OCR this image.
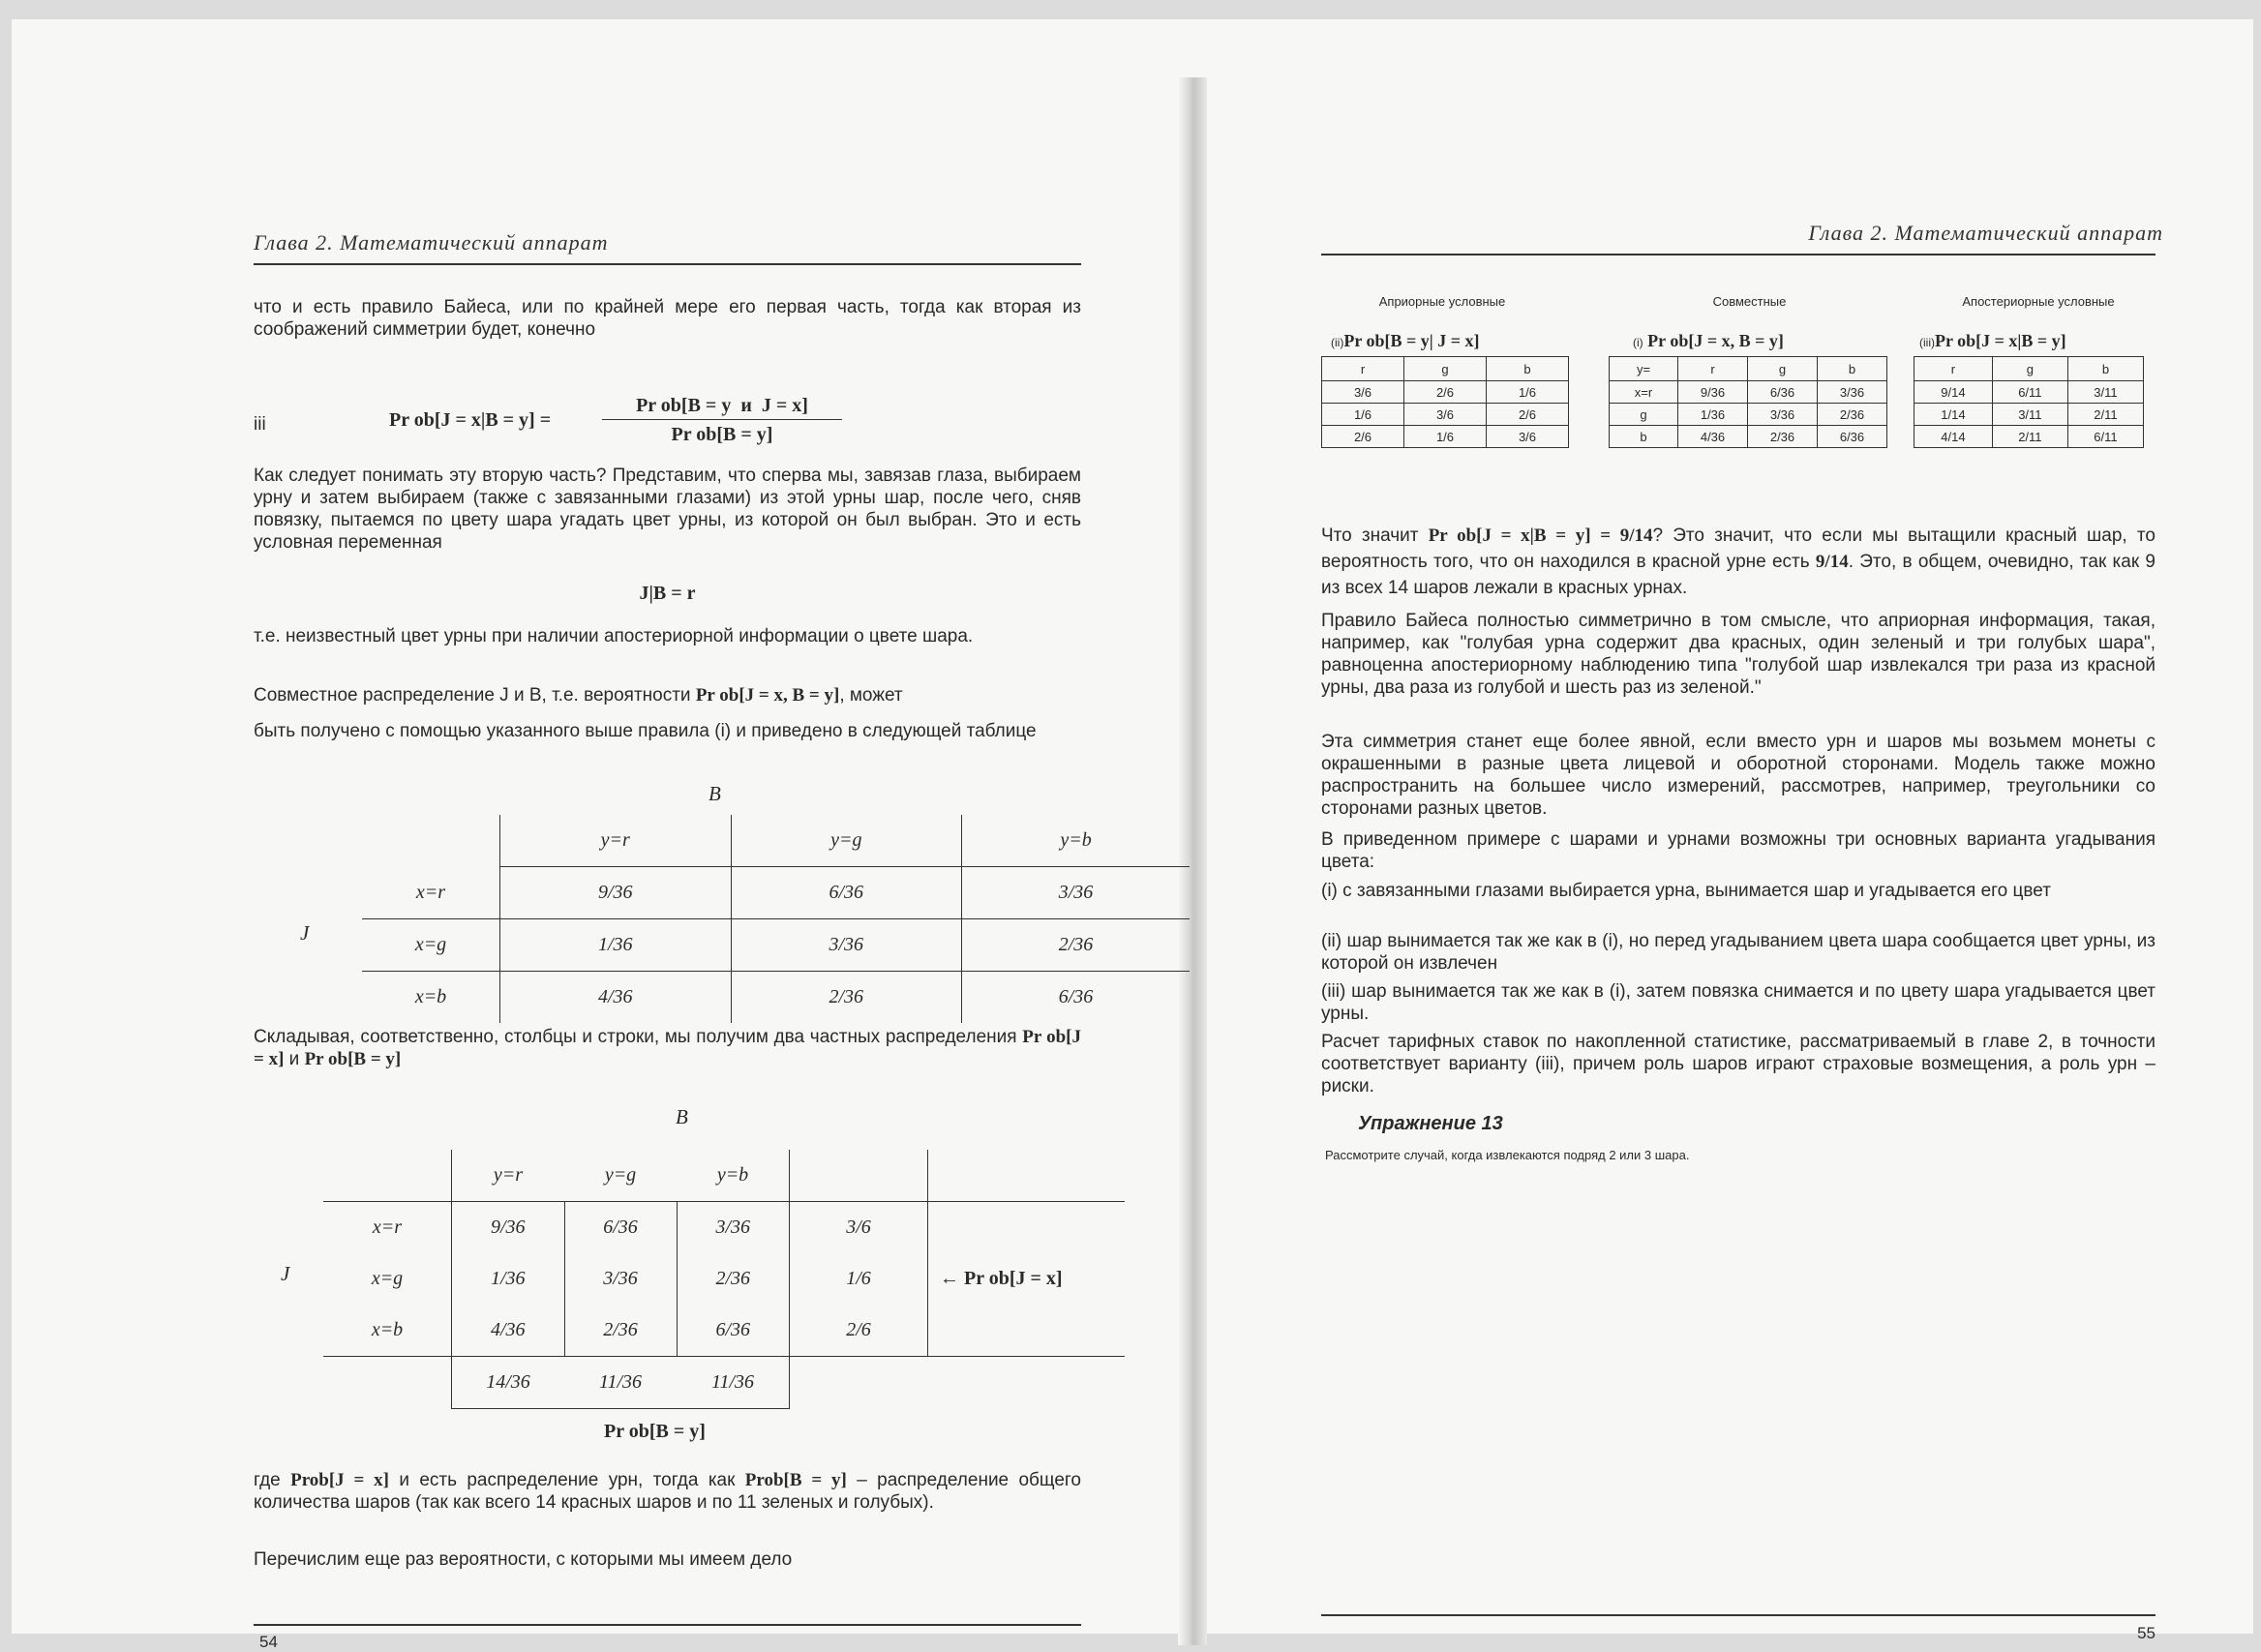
Глава 2. Математический аппарат

что и есть правило Байеса, или по крайней мере его первая часть, тогда как вторая из соображений симметрии будет, конечно

iii	Pr ob[J = x|B = y] =
Pr ob[B = y  и  J = x]
Pr ob[B = y]

Как следует понимать эту вторую часть? Представим, что сперва мы, завязав глаза, выбираем урну и затем выбираем (также с завязанными глазами) из этой урны шар, после чего, сняв повязку, пытаемся по цвету шара угадать цвет урны, из которой он был выбран. Это и есть условная переменная

J|B = r

т.е. неизвестный цвет урны при наличии апостериорной информации о цвете шара.

Совместное распределение J и B, т.е. вероятности Pr ob[J = x, B = y], может

быть получено с помощью указанного выше правила (i) и приведено в следующей таблице

B
J
	y=r	y=g	y=b
x=r	9/36	6/36	3/36
x=g	1/36	3/36	2/36
x=b	4/36	2/36	6/36

Складывая, соответственно, столбцы и строки, мы получим два частных распределения Pr ob[J = x] и Pr ob[B = y]

B
J
	y=r	y=g	y=b		
x=r	9/36	6/36	3/36	3/6	
x=g	1/36	3/36	2/36	1/6	← Pr ob[J = x]
x=b	4/36	2/36	6/36	2/6	
	14/36	11/36	11/36		
Pr ob[B = y]

где Prob[J = x] и есть распределение урн, тогда как Prob[B = y] – распределение общего количества шаров (так как всего 14 красных шаров и по 11 зеленых и голубых).

Перечислим еще раз вероятности, с которыми мы имеем дело

54
Глава 2. Математический аппарат
Априорные условные
(ii)Pr ob[B = y| J = x]
r	g	b
3/6	2/6	1/6
1/6	3/6	2/6
2/6	1/6	3/6
Совместные
(i) Pr ob[J = x, B = y]
y=	r	g	b
x=r	9/36	6/36	3/36
g	1/36	3/36	2/36
b	4/36	2/36	6/36
Апостериорные условные
(iii)Pr ob[J = x|B = y]
r	g	b
9/14	6/11	3/11
1/14	3/11	2/11
4/14	2/11	6/11

Что значит Pr ob[J = x|B = y] = 9/14? Это значит, что если мы вытащили красный шар, то вероятность того, что он находился в красной урне есть 9/14. Это, в общем, очевидно, так как 9 из всех 14 шаров лежали в красных урнах.

Правило Байеса полностью симметрично в том смысле, что априорная информация, такая, например, как "голубая урна содержит два красных, один зеленый и три голубых шара", равноценна апостериорному наблюдению типа "голубой шар извлекался три раза из красной урны, два раза из голубой и шесть раз из зеленой."

Эта симметрия станет еще более явной, если вместо урн и шаров мы возьмем монеты с окрашенными в разные цвета лицевой и оборотной сторонами. Модель также можно распространить на большее число измерений, рассмотрев, например, треугольники со сторонами разных цветов.

В приведенном примере с шарами и урнами возможны три основных варианта угадывания цвета:

(i) с завязанными глазами выбирается урна, вынимается шар и угадывается его цвет

(ii) шар вынимается так же как в (i), но перед угадыванием цвета шара сообщается цвет урны, из которой он извлечен

(iii) шар вынимается так же как в (i), затем повязка снимается и по цвету шара угадывается цвет урны.

Расчет тарифных ставок по накопленной статистике, рассматриваемый в главе 2, в точности соответствует варианту (iii), причем роль шаров играют страховые возмещения, а роль урн – риски.

Упражнение 13
Рассмотрите случай, когда извлекаются подряд 2 или 3 шара.
55
